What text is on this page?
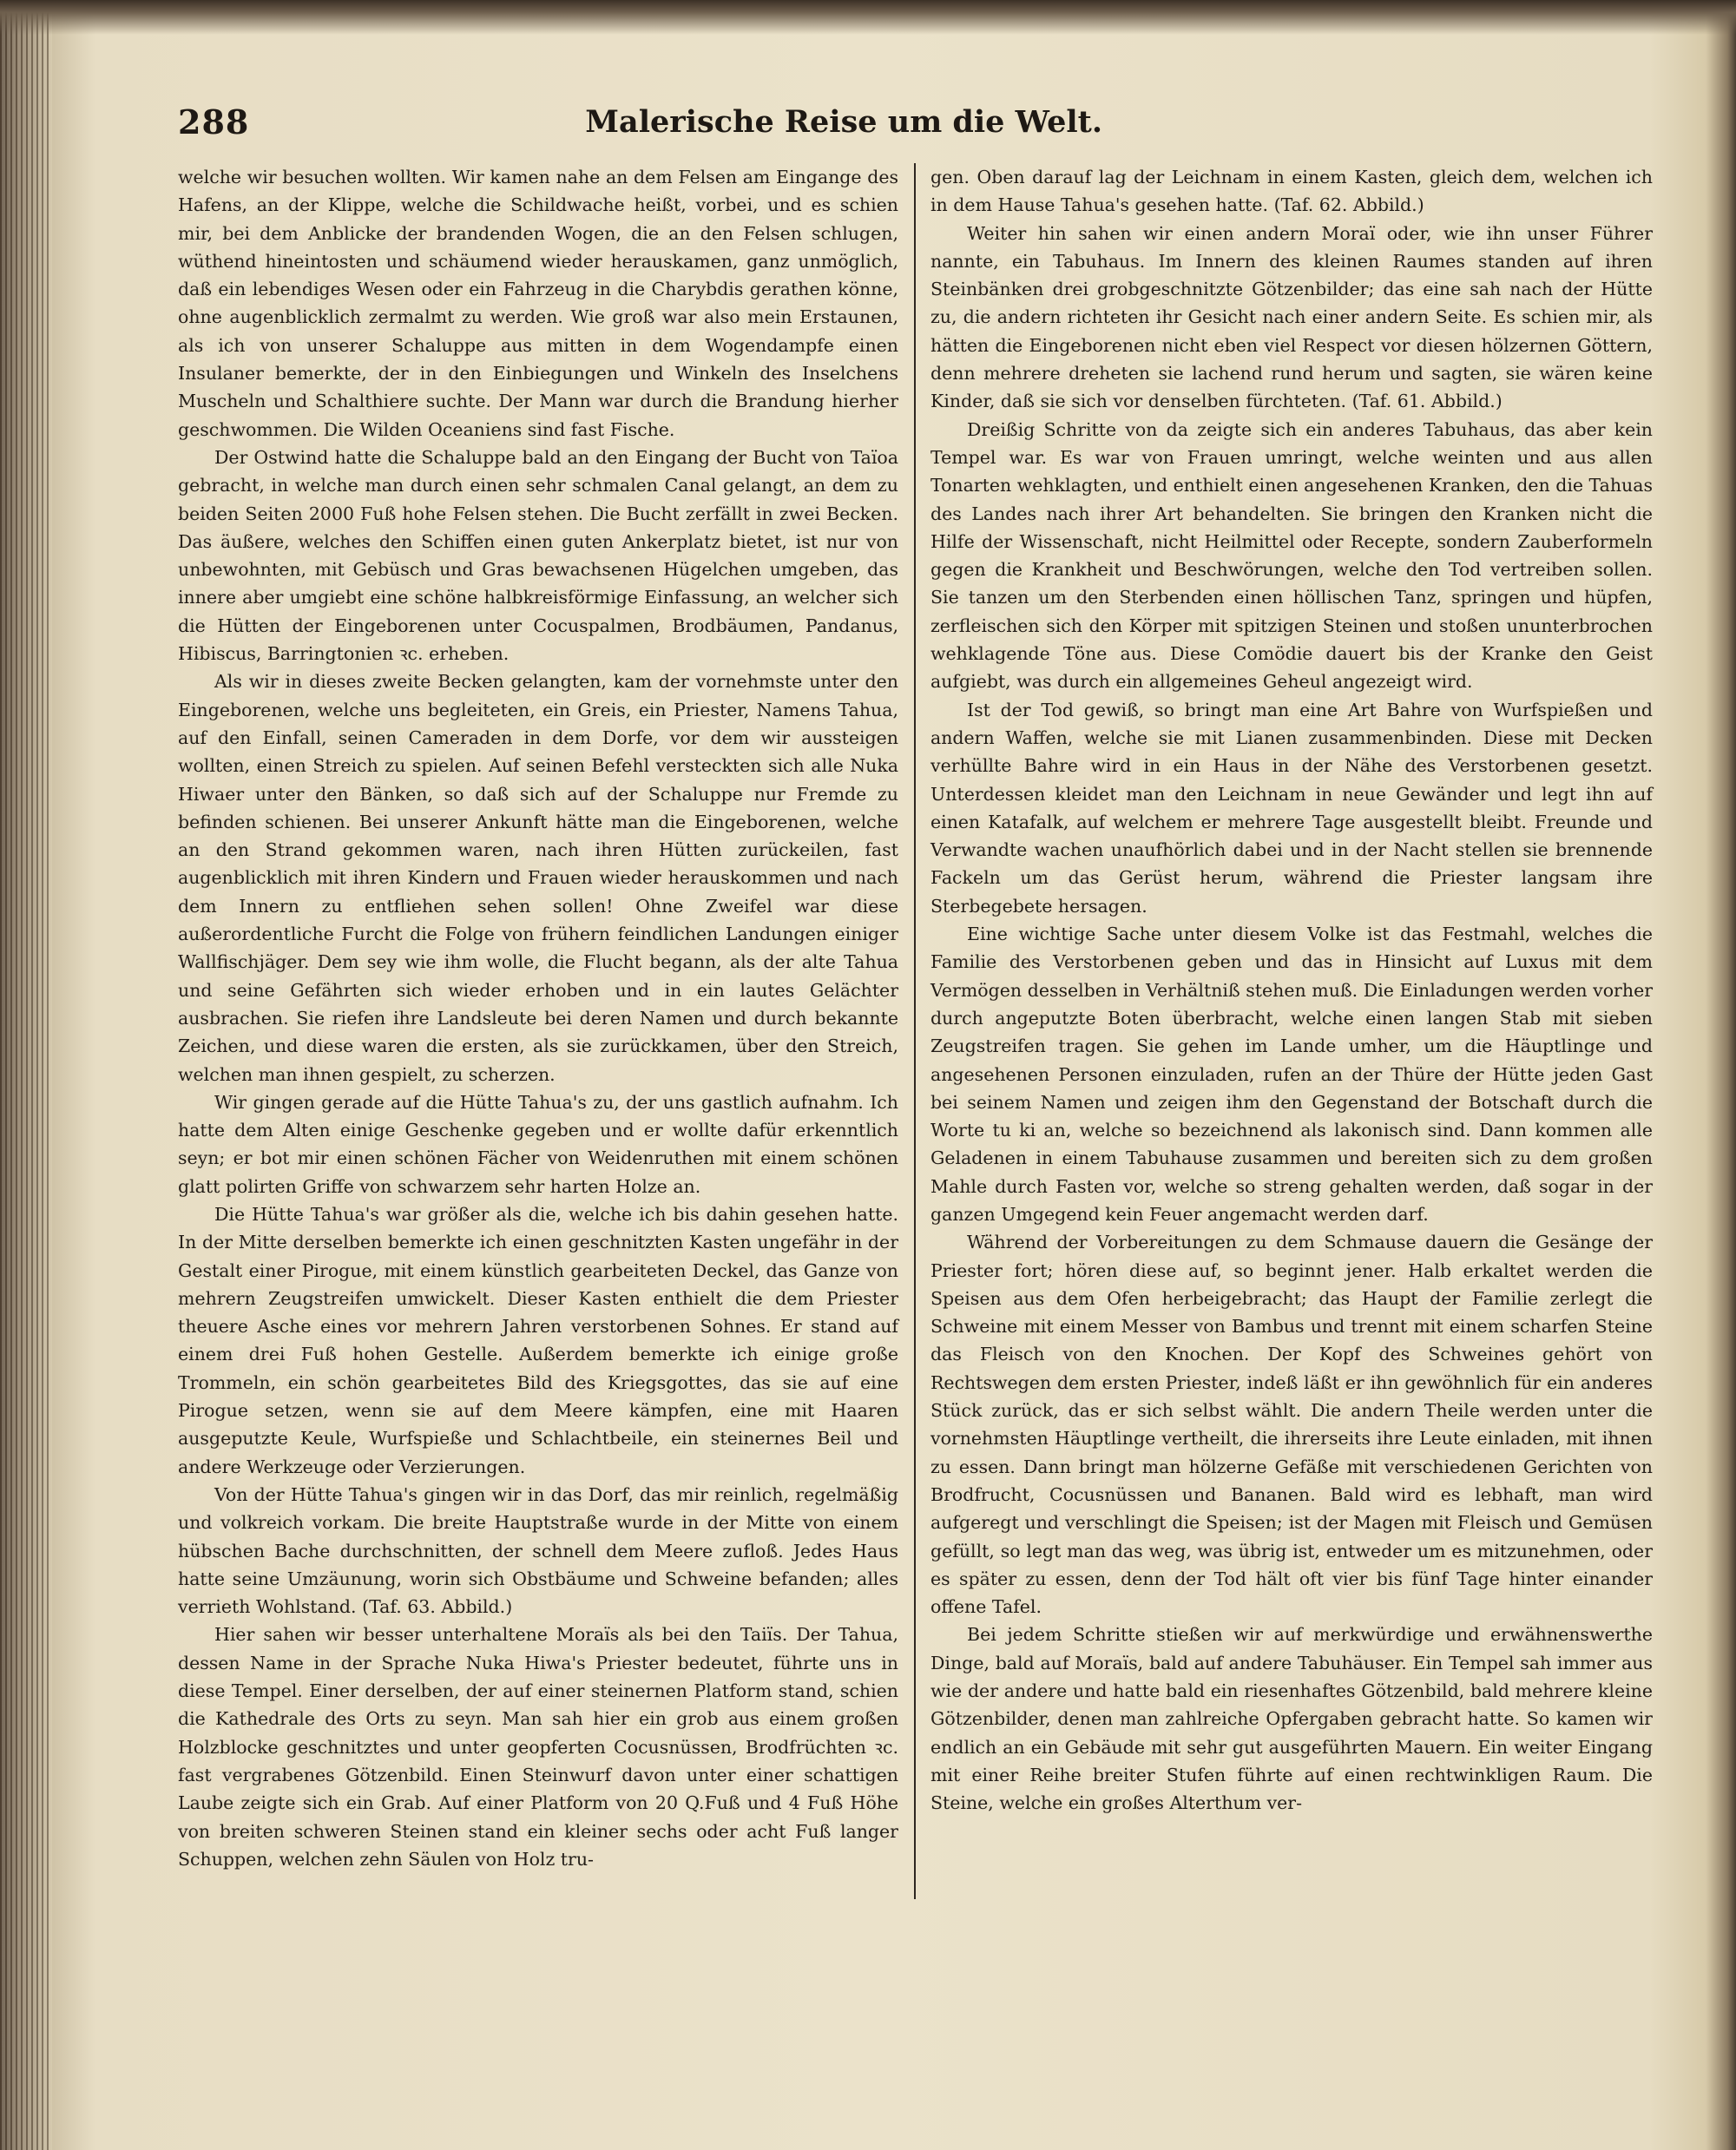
288	Malerische Reise um die Welt.

welche wir besuchen wollten. Wir kamen nahe an dem Felsen am Eingange des Hafens, an der Klippe, welche die Schildwache heißt, vorbei, und es schien mir, bei dem Anblicke der brandenden Wogen, die an den Felsen schlugen, wüthend hineintosten und schäumend wieder herauskamen, ganz unmöglich, daß ein lebendiges Wesen oder ein Fahrzeug in die Charybdis gerathen könne, ohne augenblicklich zermalmt zu werden. Wie groß war also mein Erstaunen, als ich von unserer Schaluppe aus mitten in dem Wogendampfe einen Insulaner bemerkte, der in den Einbiegungen und Winkeln des Inselchens Muscheln und Schalthiere suchte. Der Mann war durch die Brandung hierher geschwommen. Die Wilden Oceaniens sind fast Fische.

Der Ostwind hatte die Schaluppe bald an den Eingang der Bucht von Taïoa gebracht, in welche man durch einen sehr schmalen Canal gelangt, an dem zu beiden Seiten 2000 Fuß hohe Felsen stehen. Die Bucht zerfällt in zwei Becken. Das äußere, welches den Schiffen einen guten Ankerplatz bietet, ist nur von unbewohnten, mit Gebüsch und Gras bewachsenen Hügelchen umgeben, das innere aber umgiebt eine schöne halbkreisförmige Einfassung, an welcher sich die Hütten der Eingeborenen unter Cocuspalmen, Brodbäumen, Pandanus, Hibiscus, Barringtonien ꝛc. erheben.

Als wir in dieses zweite Becken gelangten, kam der vornehmste unter den Eingeborenen, welche uns begleiteten, ein Greis, ein Priester, Namens Tahua, auf den Einfall, seinen Cameraden in dem Dorfe, vor dem wir aussteigen wollten, einen Streich zu spielen. Auf seinen Befehl versteckten sich alle Nuka Hiwaer unter den Bänken, so daß sich auf der Schaluppe nur Fremde zu befinden schienen. Bei unserer Ankunft hätte man die Eingeborenen, welche an den Strand gekommen waren, nach ihren Hütten zurückeilen, fast augenblicklich mit ihren Kindern und Frauen wieder herauskommen und nach dem Innern zu entfliehen sehen sollen! Ohne Zweifel war diese außerordentliche Furcht die Folge von frühern feindlichen Landungen einiger Wallfischjäger. Dem sey wie ihm wolle, die Flucht begann, als der alte Tahua und seine Gefährten sich wieder erhoben und in ein lautes Gelächter ausbrachen. Sie riefen ihre Landsleute bei deren Namen und durch bekannte Zeichen, und diese waren die ersten, als sie zurückkamen, über den Streich, welchen man ihnen gespielt, zu scherzen.

Wir gingen gerade auf die Hütte Tahua's zu, der uns gastlich aufnahm. Ich hatte dem Alten einige Geschenke gegeben und er wollte dafür erkenntlich seyn; er bot mir einen schönen Fächer von Weidenruthen mit einem schönen glatt polirten Griffe von schwarzem sehr harten Holze an.

Die Hütte Tahua's war größer als die, welche ich bis dahin gesehen hatte. In der Mitte derselben bemerkte ich einen geschnitzten Kasten ungefähr in der Gestalt einer Pirogue, mit einem künstlich gearbeiteten Deckel, das Ganze von mehrern Zeugstreifen umwickelt. Dieser Kasten enthielt die dem Priester theuere Asche eines vor mehrern Jahren verstorbenen Sohnes. Er stand auf einem drei Fuß hohen Gestelle. Außerdem bemerkte ich einige große Trommeln, ein schön gearbeitetes Bild des Kriegsgottes, das sie auf eine Pirogue setzen, wenn sie auf dem Meere kämpfen, eine mit Haaren ausgeputzte Keule, Wurfspieße und Schlachtbeile, ein steinernes Beil und andere Werkzeuge oder Verzierungen.

Von der Hütte Tahua's gingen wir in das Dorf, das mir reinlich, regelmäßig und volkreich vorkam. Die breite Hauptstraße wurde in der Mitte von einem hübschen Bache durchschnitten, der schnell dem Meere zufloß. Jedes Haus hatte seine Umzäunung, worin sich Obstbäume und Schweine befanden; alles verrieth Wohlstand. (Taf. 63. Abbild.)

Hier sahen wir besser unterhaltene Moraïs als bei den Taiïs. Der Tahua, dessen Name in der Sprache Nuka Hiwa's Priester bedeutet, führte uns in diese Tempel. Einer derselben, der auf einer steinernen Platform stand, schien die Kathedrale des Orts zu seyn. Man sah hier ein grob aus einem großen Holzblocke geschnitztes und unter geopferten Cocusnüssen, Brodfrüchten ꝛc. fast vergrabenes Götzenbild. Einen Steinwurf davon unter einer schattigen Laube zeigte sich ein Grab. Auf einer Platform von 20 Q.Fuß und 4 Fuß Höhe von breiten schweren Steinen stand ein kleiner sechs oder acht Fuß langer Schuppen, welchen zehn Säulen von Holz tru-

gen. Oben darauf lag der Leichnam in einem Kasten, gleich dem, welchen ich in dem Hause Tahua's gesehen hatte. (Taf. 62. Abbild.)

Weiter hin sahen wir einen andern Moraï oder, wie ihn unser Führer nannte, ein Tabuhaus. Im Innern des kleinen Raumes standen auf ihren Steinbänken drei grobgeschnitzte Götzenbilder; das eine sah nach der Hütte zu, die andern richteten ihr Gesicht nach einer andern Seite. Es schien mir, als hätten die Eingeborenen nicht eben viel Respect vor diesen hölzernen Göttern, denn mehrere dreheten sie lachend rund herum und sagten, sie wären keine Kinder, daß sie sich vor denselben fürchteten. (Taf. 61. Abbild.)

Dreißig Schritte von da zeigte sich ein anderes Tabuhaus, das aber kein Tempel war. Es war von Frauen umringt, welche weinten und aus allen Tonarten wehklagten, und enthielt einen angesehenen Kranken, den die Tahuas des Landes nach ihrer Art behandelten. Sie bringen den Kranken nicht die Hilfe der Wissenschaft, nicht Heilmittel oder Recepte, sondern Zauberformeln gegen die Krankheit und Beschwörungen, welche den Tod vertreiben sollen. Sie tanzen um den Sterbenden einen höllischen Tanz, springen und hüpfen, zerfleischen sich den Körper mit spitzigen Steinen und stoßen ununterbrochen wehklagende Töne aus. Diese Comödie dauert bis der Kranke den Geist aufgiebt, was durch ein allgemeines Geheul angezeigt wird.

Ist der Tod gewiß, so bringt man eine Art Bahre von Wurfspießen und andern Waffen, welche sie mit Lianen zusammenbinden. Diese mit Decken verhüllte Bahre wird in ein Haus in der Nähe des Verstorbenen gesetzt. Unterdessen kleidet man den Leichnam in neue Gewänder und legt ihn auf einen Katafalk, auf welchem er mehrere Tage ausgestellt bleibt. Freunde und Verwandte wachen unaufhörlich dabei und in der Nacht stellen sie brennende Fackeln um das Gerüst herum, während die Priester langsam ihre Sterbegebete hersagen.

Eine wichtige Sache unter diesem Volke ist das Festmahl, welches die Familie des Verstorbenen geben und das in Hinsicht auf Luxus mit dem Vermögen desselben in Verhältniß stehen muß. Die Einladungen werden vorher durch angeputzte Boten überbracht, welche einen langen Stab mit sieben Zeugstreifen tragen. Sie gehen im Lande umher, um die Häuptlinge und angesehenen Personen einzuladen, rufen an der Thüre der Hütte jeden Gast bei seinem Namen und zeigen ihm den Gegenstand der Botschaft durch die Worte tu ki an, welche so bezeichnend als lakonisch sind. Dann kommen alle Geladenen in einem Tabuhause zusammen und bereiten sich zu dem großen Mahle durch Fasten vor, welche so streng gehalten werden, daß sogar in der ganzen Umgegend kein Feuer angemacht werden darf.

Während der Vorbereitungen zu dem Schmause dauern die Gesänge der Priester fort; hören diese auf, so beginnt jener. Halb erkaltet werden die Speisen aus dem Ofen herbeigebracht; das Haupt der Familie zerlegt die Schweine mit einem Messer von Bambus und trennt mit einem scharfen Steine das Fleisch von den Knochen. Der Kopf des Schweines gehört von Rechtswegen dem ersten Priester, indeß läßt er ihn gewöhnlich für ein anderes Stück zurück, das er sich selbst wählt. Die andern Theile werden unter die vornehmsten Häuptlinge vertheilt, die ihrerseits ihre Leute einladen, mit ihnen zu essen. Dann bringt man hölzerne Gefäße mit verschiedenen Gerichten von Brodfrucht, Cocusnüssen und Bananen. Bald wird es lebhaft, man wird aufgeregt und verschlingt die Speisen; ist der Magen mit Fleisch und Gemüsen gefüllt, so legt man das weg, was übrig ist, entweder um es mitzunehmen, oder es später zu essen, denn der Tod hält oft vier bis fünf Tage hinter einander offene Tafel.

Bei jedem Schritte stießen wir auf merkwürdige und erwähnenswerthe Dinge, bald auf Moraïs, bald auf andere Tabuhäuser. Ein Tempel sah immer aus wie der andere und hatte bald ein riesenhaftes Götzenbild, bald mehrere kleine Götzenbilder, denen man zahlreiche Opfergaben gebracht hatte. So kamen wir endlich an ein Gebäude mit sehr gut ausgeführten Mauern. Ein weiter Eingang mit einer Reihe breiter Stufen führte auf einen rechtwinkligen Raum. Die Steine, welche ein großes Alterthum ver-
